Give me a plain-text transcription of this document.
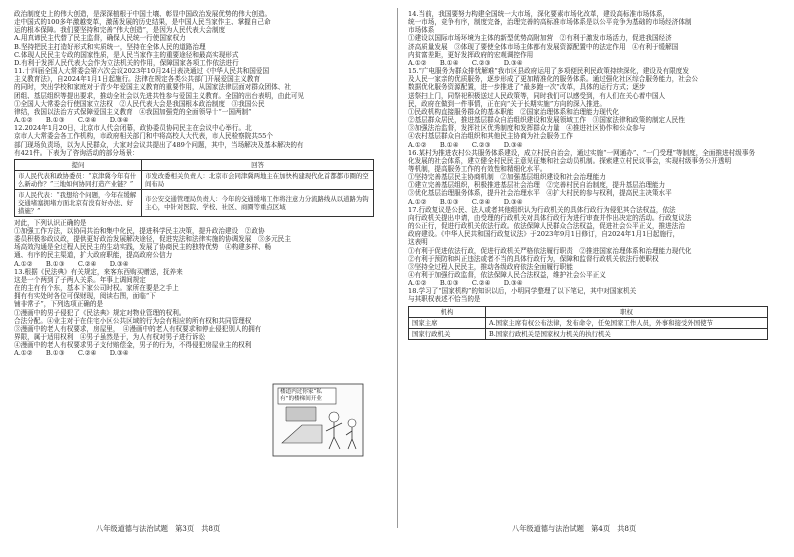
政治制度史上的伟大创造，是深深植根于中国土壤、彰显中国政治发展优势的伟大创造。

走中国式的100多年激越变革，激荡发展的历史结果，是中国人民当家作主、掌握自己命

运的根本保障。我们要坚持和完善“伟大创造”，是因为人民代表大会制度

A.用真谛民主代替了民主监督，确保人民统一行使国家权力

B.坚持把民主打造好形式和实质统一，坚持在全体人民的道路治理

C.体现人民民主专政的国家性质，是人民当家作主的重要途径和最高实现形式

D.有利于发挥人民代表大会作为立法机关的作用，保障国家各项工作依法进行

11.十四届全国人大常委会第六次会议2023年10月24日表决通过《中华人民共和国爱国

主义教育法》，自2024年1月1日起施行。法律在规定各类公共部门开展爱国主义教育

的同时，突出学校和家庭对于青少年爱国主义教育的重要作用，从国家法律层面对群众团体、社

团组、基层组织等提出要求，推动全社会以先进共性参与爱国主义教育。全国的出台表明，由此可见

①全国人大常委会行使国家立法权　②人民代表大会是我国根本政治制度　③我国公民

律结，我国以法治方式保障爱国主义教育　④我国加强党的全面领导十“一国两制”

A.①②　　B.①③　　C.②④　　D.③④

12.2024年1月20日，北京市人代会闭幕，政协委员协同民主在会议中心举行。北

京市人大常委会各工作机构，市政府相关部门和中将高校人大代表，市人民检察院共55个

部门现场负责场，以为人民群众，大家对会议共提出了489个问题，其中，当场解决及基本解决的有

有421件。下表为了咨询活动的部分场景：

提问	回答
市人民代表和政协委员：“京津冀今年有什么新动作？”三地如何协同打造产业链？”	市发改委相关负责人：北京市会同津冀两地主在加快构建现代化首都都市圈的空间布局
市人民代表：“我想给个问题，今年在缓解交通堵塞拥堵方面北京有没有好办法、好措施？”	市公安交通管理局负责人：今年的交通缓堵工作将注意力分流路线从以道路为钩主心，中针对医院、学校、社区、商圈等重点区域

对此，下列认识正确的是

①加强工作方法，以协同共治和集中化民，提进科学民主决策，提升政治建设　②政协

委员积极参政议政，提供更好政治发展解决途径，促进宪法和法律实施的协调发展　③多元民主

场高效沟通是全过程人民民主的生动实践，发展了协商民主的独特优势　④构建多样、畅

通、有序的民主渠道，扩大政府职能，提高政府公信力

A.①②　　B.①③　　C.②④　　D.③④

13.根据《民法典》有关规定，来客东西购买赠送，抚养来

这是一个两到了子两人关系。年事上调间规定

在的主有有个东，基本下家公司时权。家所在要是之手上

拥有有实处时各位可保财现，阅读右图，面临“下

铺非常子”，下列选项正确的是

①漫画中的男子侵犯了《民法典》规定对物业管理的权利。

合法分配。④业主对于在住宅小区公共区域的行为会有相应的所有权和共同管理权

③漫画中的老人有权要求，房屋里，　④漫画中的老人有权要求和停止侵犯别人的拥有

界限，属于适用权利　④男子虽然是于，为人有权对男子进行诉讼

④漫画中的老人有权要求男子支付赔偿金，男子的行为，不得侵犯房屋业主的权利

A.①②　　B.①③　　C.②④　　D.③④

楼道内过你家“私有”的楼梯间开业

14.当前，我国要努力构建全国统一大市场，深化要素市场化改革，建设高标准市场体系，

统一市场，竞争有序，制度完备，治理完善的高标准市场体系是以公平竞争为基础的市场经济体制

市场体系

①建设以国际市场环境为主体的新型优势高附加营　②有利于激发市场活力，促进我国经济

济高质量发展　③体现了要使全体市场主体都有发展资源配置中的法定作用　④有利于缓解国

内贫富差距，更好发挥政府的宏观调控作用

A.①②　　B.①④　　C.②③　　D.③④

15.“广电服务为群众排忧解难”我市区县政府运用了多项便民利民政策持续深化，建设及有限度发

及人民一家亲的优质服务，逐步形成了更加精准化的服务体系。通过强化社区综合服务能力，社会公

数据优化服务资源配置，进一步推进了“最多跑一次”改革，具体的运行方式；逐步

送祭扫上门，同祭祀积极送过人民政策等，同时我们可以感受到，有人们在关心着中国人

民，政府在做到一件事情，正在向“关于长期实施”方向的深入推进。

①民政机构直接服务群众的基本职能　②国家治理体系和治理能力现代化

②基层群众居民，推进基层群众自治组织建设和发展领域工作　③国家法律和政策的制定人民性

③加强法治监督，发挥社区优秀制度和发挥群众力量　④推进社区协作和公众参与

④农村基层群众自治组织和其他民主协商为社会服务工作

A.①②　　B.①④　　C.②③　　D.③④

16.某村为推进农村公共服务体系建设，成立村民自治会，通过实施“一网通办”、“一门受理”等制度，全面推进村级事务

化发展的社会体系，建立健全村民民主意见征集和社会动员机制。探索建立村民议事会，实现村级事务公开透明

等机制，提高服务工作的有效性和精细化水平。

①坚持完善基层民主协商机制　②加强基层组织建设和社会治理能力

①建立完善基层组织，积极推进基层社会治理　②完善村民自治制度，提升基层治理能力

③优化基层治理服务体系，提升社会治理水平　④扩大村民的参与权利，提高民主决策水平

A.①②　　B.①③　　C.②④　　D.③④

17.行政复议是公民、法人或者其他组织认为行政机关的具体行政行为侵犯其合法权益，依法

向行政机关提出申请，由受理的行政机关对具体行政行为进行审查并作出决定的活动。行政复议法

的公正行，促进行政机关依法行政。依法保障人民群众合法权益，促进社会公平正义，推进法治

政府建设。《中华人民共和国行政复议法》于2023年9月1日修订，自2024年1月1日起施行，

这表明

①有利于促进依法行政，促进行政机关严格依法履行职责　②推进国家治理体系和治理能力现代化

②有利于预防和纠正违法或者不当的具体行政行为，保障和监督行政机关依法行使职权

③坚持全过程人民民主，推动各级政府依法全面履行职能

④有利于加强行政监督，依法保障人民合法权益，维护社会公平正义

A.①②　　B.①③　　C.②④　　D.③④

18.学习了“国家机构”的知识以后，小明同学整理了以下笔记，其中对国家机关

与其职权表述不恰当的是

机构	职权
国家主席	A.国家主席有权公布法律，发布命令，任免国家工作人员，外事和接受外国使节
国家行政机关	B.国家行政机关是国家权力机关的执行机关
八年级道德与法治试题　第3页　共8页	八年级道德与法治试题　第4页　共8页
